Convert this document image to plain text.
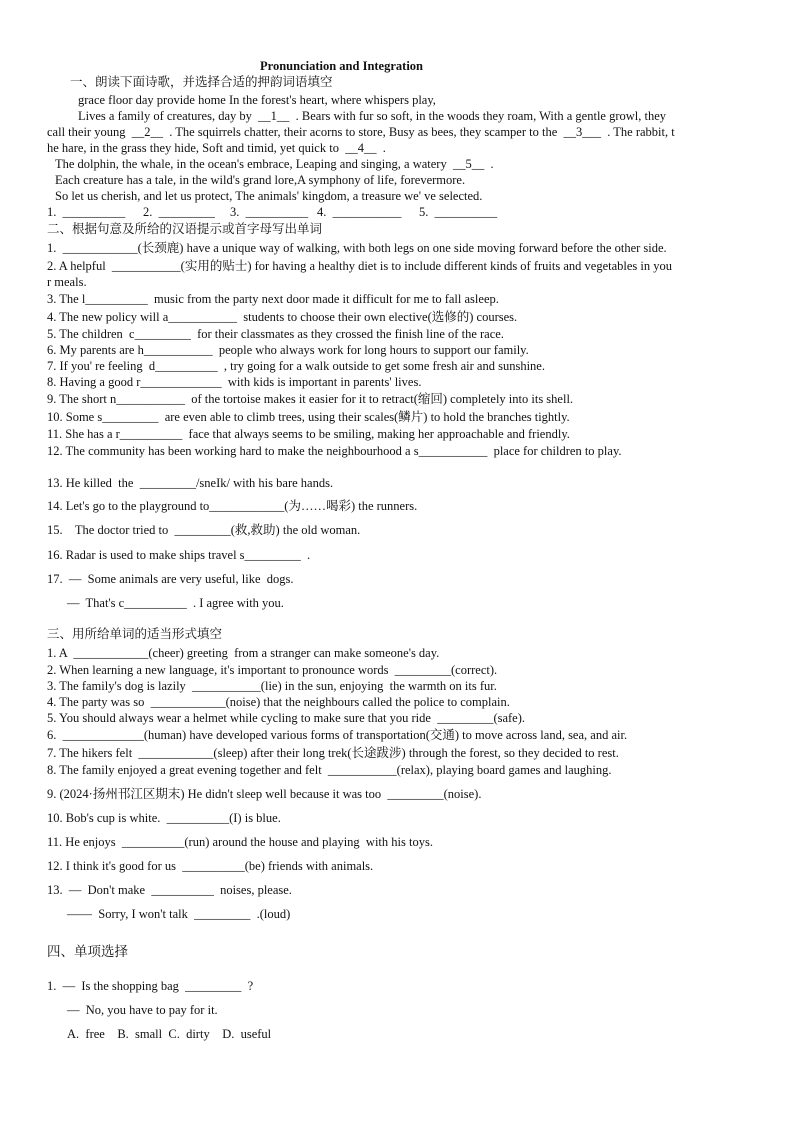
Pronunciation and Integration
一、朗读下面诗歌，并选择合适的押韵词语填空
grace floor day provide home In the forest's heart, where whispers play,
Lives a family of creatures, day by  __1__  . Bears with fur so soft, in the woods they roam, With a gentle growl, they
call their young  __2__  . The squirrels chatter, their acorns to store, Busy as bees, they scamper to the  __3___  . The rabbit, t
he hare, in the grass they hide, Soft and timid, yet quick to  __4__  .
The dolphin, the whale, in the ocean's embrace, Leaping and singing, a watery  __5__  .
Each creature has a tale, in the wild's grand lore,A symphony of life, forevermore.
So let us cherish, and let us protect, The animals' kingdom, a treasure we' ve selected.
1.  __________ 2.  _________ 3.  __________ 4.  ___________ 5.  __________
二、根据句意及所给的汉语提示或首字母写出单词
1.  ____________(长颈鹿) have a unique way of walking, with both legs on one side moving forward before the other side.
2. A helpful  ___________(实用的贴士) for having a healthy diet is to include different kinds of fruits and vegetables in you
r meals.
3. The l__________  music from the party next door made it difficult for me to fall asleep.
4. The new policy will a___________  students to choose their own elective(选修的) courses.
5. The children  c_________  for their classmates as they crossed the finish line of the race.
6. My parents are h___________  people who always work for long hours to support our family.
7. If you' re feeling  d__________  , try going for a walk outside to get some fresh air and sunshine.
8. Having a good r_____________  with kids is important in parents' lives.
9. The short n___________  of the tortoise makes it easier for it to retract(缩回) completely into its shell.
10. Some s_________  are even able to climb trees, using their scales(鳞片) to hold the branches tightly.
11. She has a r__________  face that always seems to be smiling, making her approachable and friendly.
12. The community has been working hard to make the neighbourhood a s___________  place for children to play.
13. He killed  the  _________/sneIk/ with his bare hands.
14. Let's go to the playground to____________(为……喝彩) the runners.
15.    The doctor tried to  _________(救,救助) the old woman.
16. Radar is used to make ships travel s_________  .
17.  —  Some animals are very useful, like  dogs.
—  That's c__________  . I agree with you.
三、用所给单词的适当形式填空
1. A  ____________(cheer) greeting  from a stranger can make someone's day.
2. When learning a new language, it's important to pronounce words  _________(correct).
3. The family's dog is lazily  ___________(lie) in the sun, enjoying  the warmth on its fur.
4. The party was so  ____________(noise) that the neighbours called the police to complain.
5. You should always wear a helmet while cycling to make sure that you ride  _________(safe).
6.  _____________(human) have developed various forms of transportation(交通) to move across land, sea, and air.
7. The hikers felt  ____________(sleep) after their long trek(长途跋涉) through the forest, so they decided to rest.
8. The family enjoyed a great evening together and felt  ___________(relax), playing board games and laughing.
9. (2024·扬州邗江区期末) He didn't sleep well because it was too  _________(noise).
10. Bob's cup is white.  __________(I) is blue.
11. He enjoys  __________(run) around the house and playing  with his toys.
12. I think it's good for us  __________(be) friends with animals.
13.  —  Don't make  __________  noises, please.
——  Sorry, I won't talk  _________  .(loud)
四、单项选择
1.  —  Is the shopping bag  _________  ?
—  No, you have to pay for it.
A.  free    B.  small  C.  dirty    D.  useful
